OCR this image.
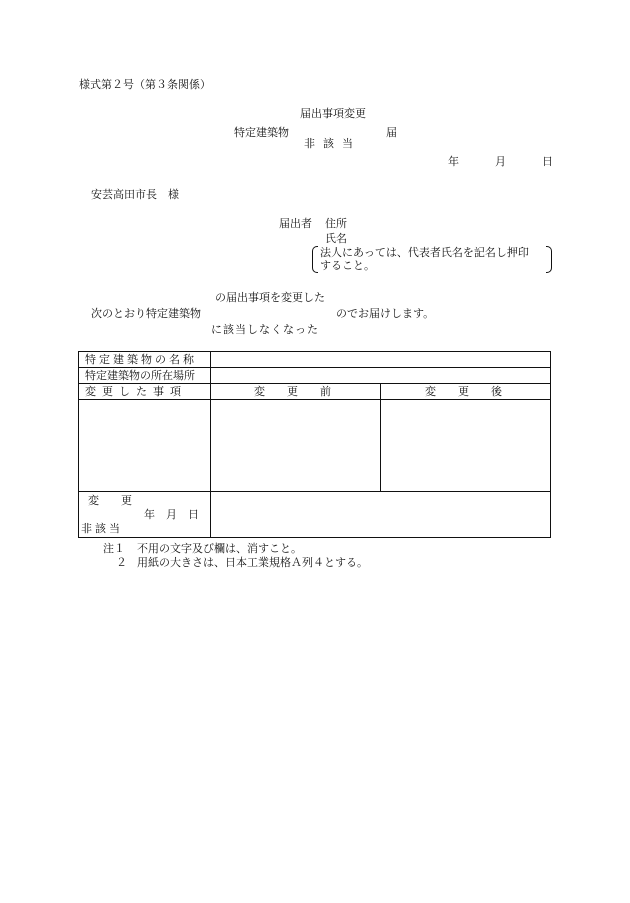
様式第２号（第３条関係）
届出事項変更
特定建築物	届
非該当
年	月	日
安芸高田市長　様
届出者 住所
氏名
法人にあっては、代表者氏名を記名し押印
すること。
の届出事項を変更した
次のとおり特定建築物	のでお届けします。
に該当しなくなった
特定建築物の名称
特定建築物の所在場所
変更した事項	変　　更　　前	変　　更　　後
変　　更
年　月　日
非該当
注１ 不用の文字及び欄は、消すこと。
２ 用紙の大きさは、日本工業規格Ａ列４とする。
